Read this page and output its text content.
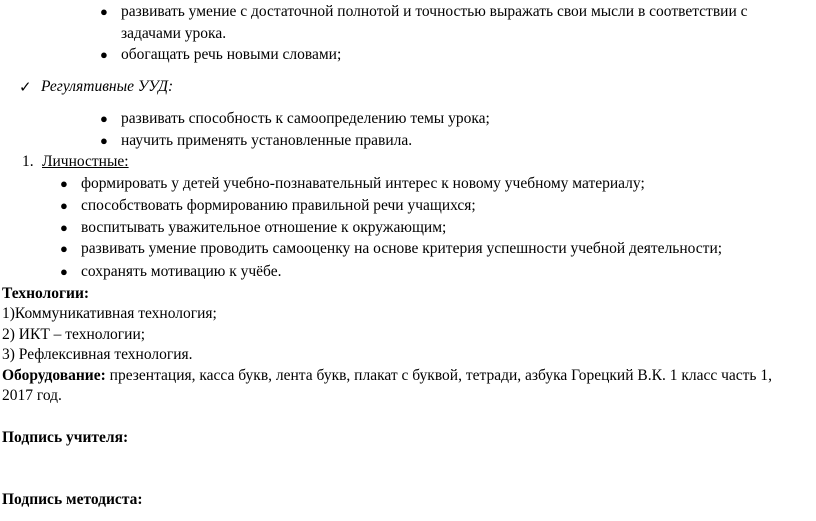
● развивать умение с достаточной полнотой и точностью выражать свои мысли в соответствии с
задачами урока.
● обогащать речь новыми словами;
✓ Регулятивные УУД:
● развивать способность к самоопределению темы урока;
● научить применять установленные правила.
1. Личностные:
● формировать у детей учебно-познавательный интерес к новому учебному материалу;
● способствовать формированию правильной речи учащихся;
● воспитывать уважительное отношение к окружающим;
● развивать умение проводить самооценку на основе критерия успешности учебной деятельности;
● сохранять мотивацию к учёбе.
Технологии:
1)Коммуникативная технология;
2) ИКТ – технологии;
3) Рефлексивная технология.
Оборудование: презентация, касса букв, лента букв, плакат с буквой, тетради, азбука Горецкий В.К. 1 класс часть 1,
2017 год.
Подпись учителя:
Подпись методиста:
